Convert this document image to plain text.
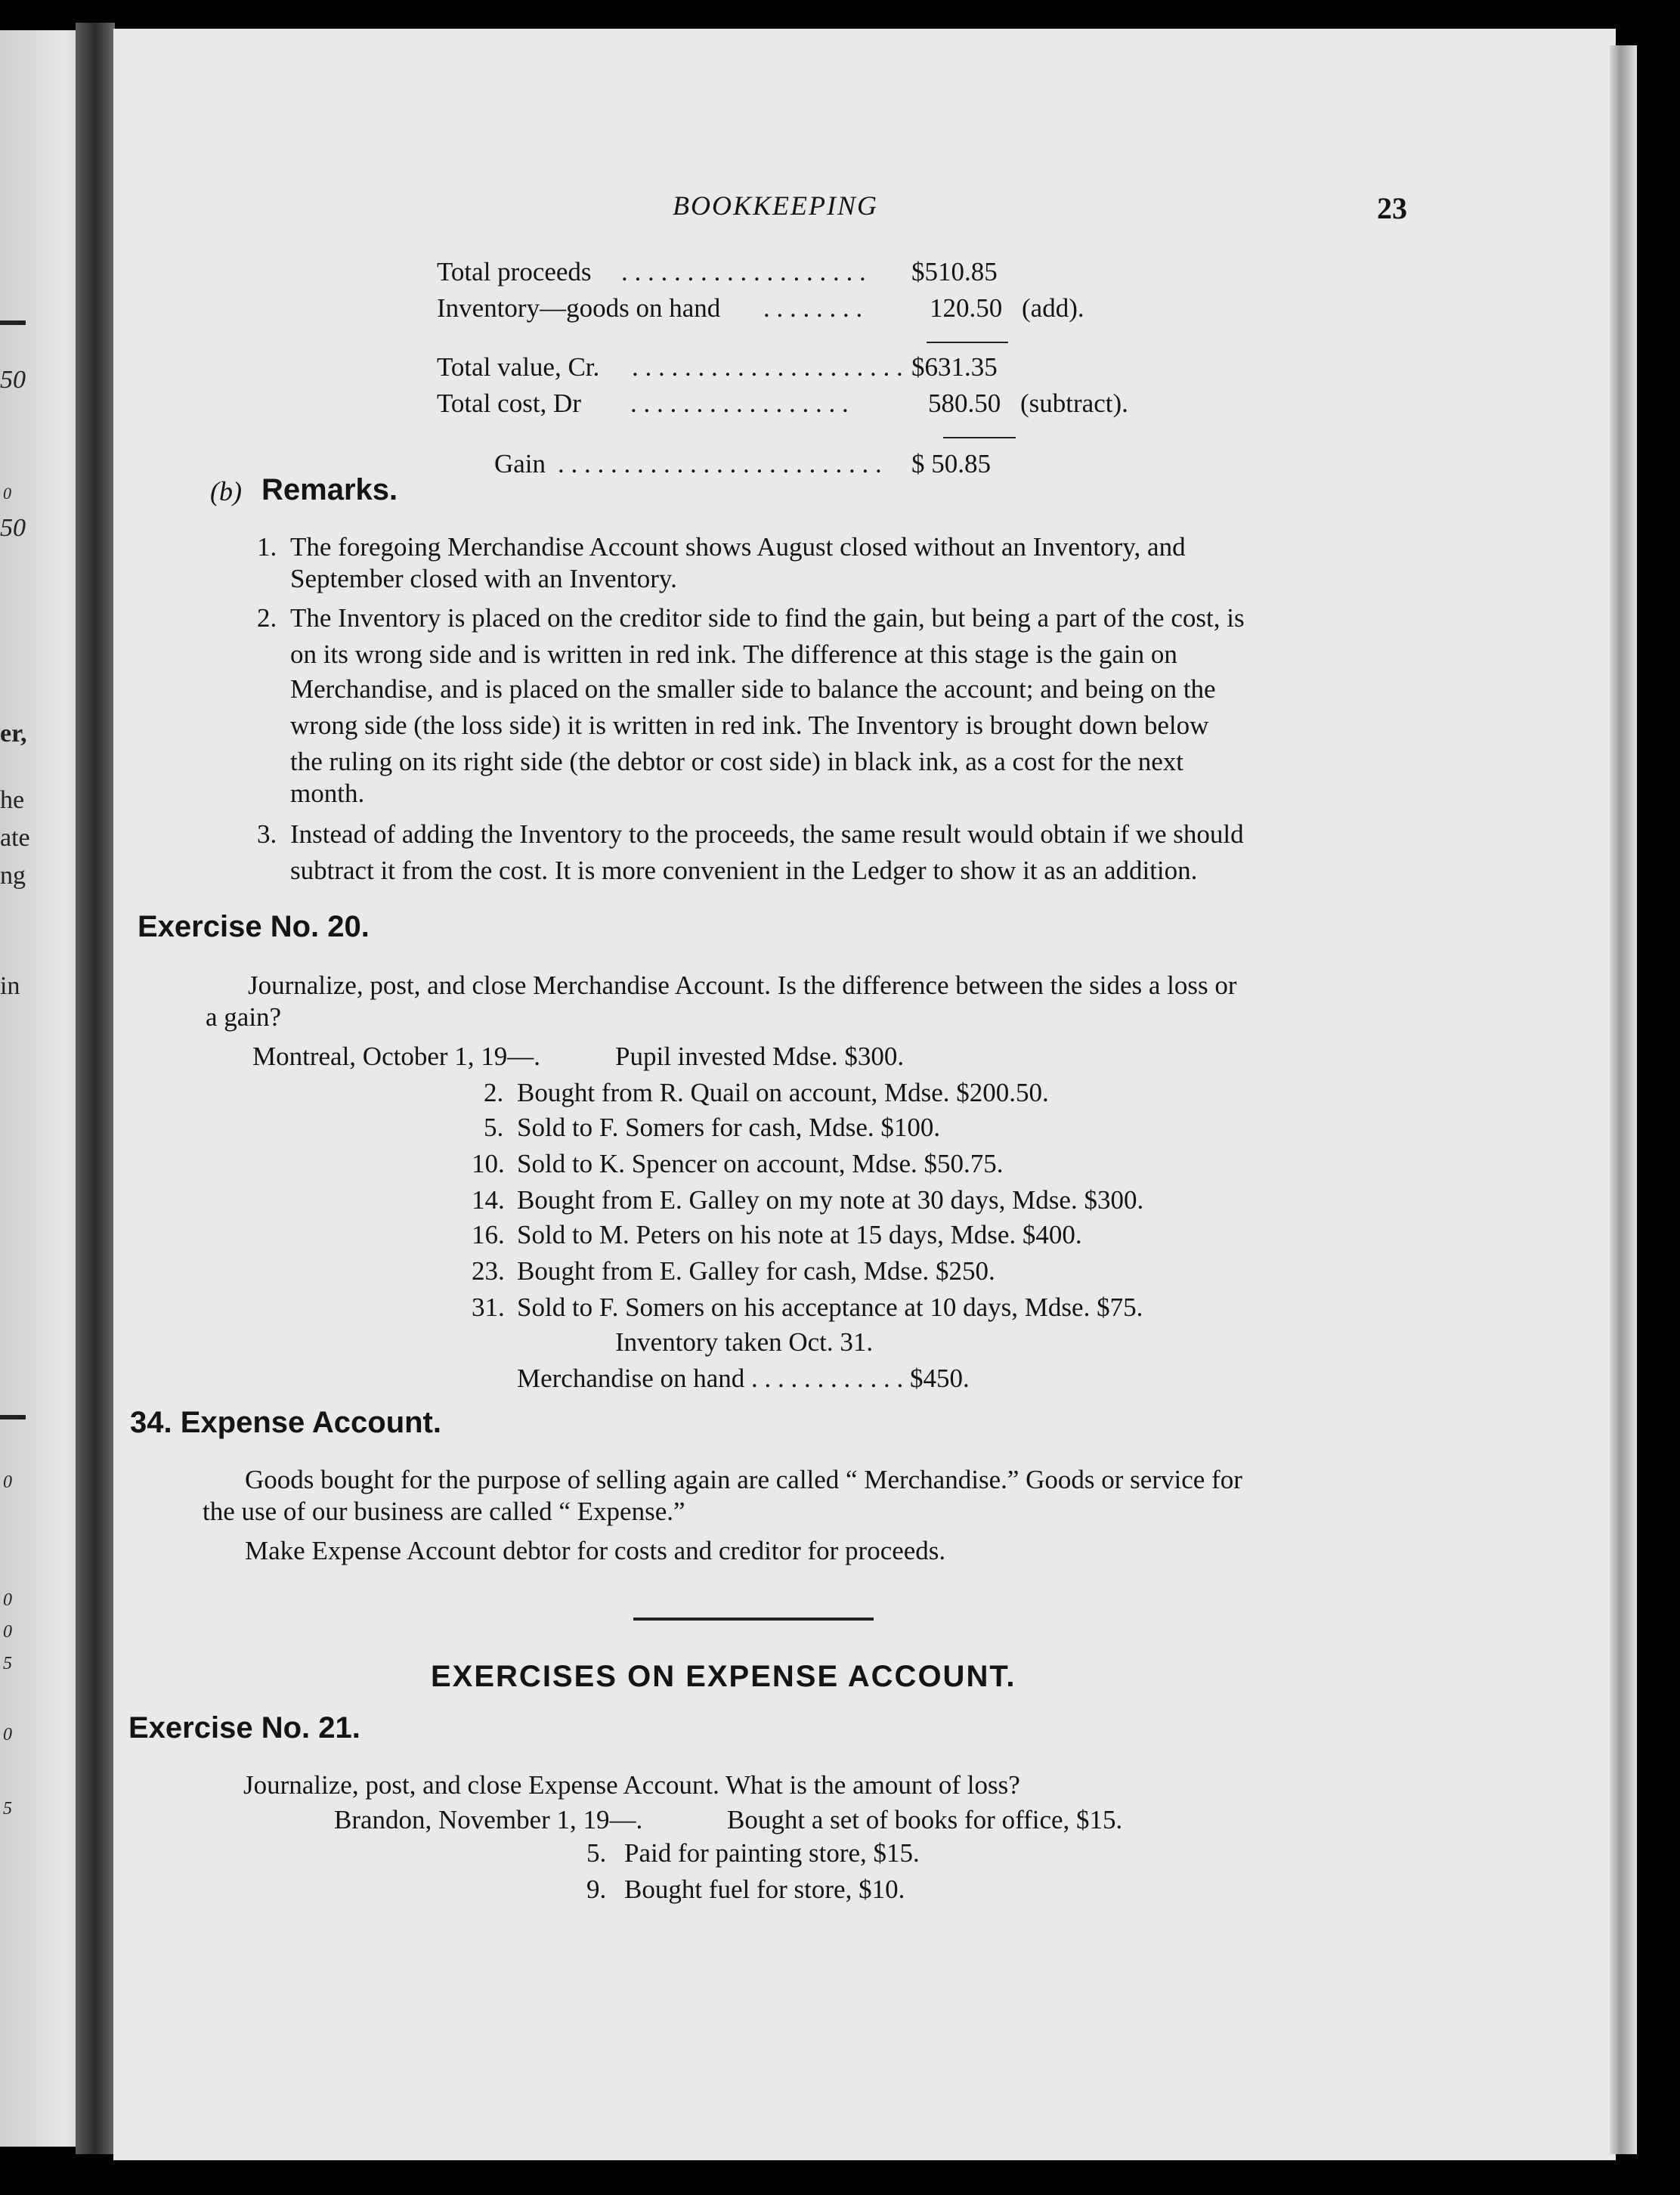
50
0
50
er,
he
ate
ng
in
0
0
0
5
0
5
BOOKKEEPING	23
Total proceeds . . . . . . . . . . . . . . . . . . . $510.85
Inventory—goods on hand . . . . . . . .	120.50 (add).
Total value, Cr. . . . . . . . . . . . . . . . . . . . . . $631.35
Total cost, Dr . . . . . . . . . . . . . . . . .	580.50 (subtract).
Gain . . . . . . . . . . . . . . . . . . . . . . . . . $ 50.85
(b) Remarks.
1. The foregoing Merchandise Account shows August closed without an Inventory, and
September closed with an Inventory.
2. The Inventory is placed on the creditor side to find the gain, but being a part of the cost, is
on its wrong side and is written in red ink. The difference at this stage is the gain on
Merchandise, and is placed on the smaller side to balance the account; and being on the
wrong side (the loss side) it is written in red ink. The Inventory is brought down below
the ruling on its right side (the debtor or cost side) in black ink, as a cost for the next
month.
3. Instead of adding the Inventory to the proceeds, the same result would obtain if we should
subtract it from the cost. It is more convenient in the Ledger to show it as an addition.
Exercise No. 20.
Journalize, post, and close Merchandise Account. Is the difference between the sides a loss or
a gain?
Montreal, October 1, 19—.	Pupil invested Mdse. $300.
2. Bought from R. Quail on account, Mdse. $200.50.
5. Sold to F. Somers for cash, Mdse. $100.
10. Sold to K. Spencer on account, Mdse. $50.75.
14. Bought from E. Galley on my note at 30 days, Mdse. $300.
16. Sold to M. Peters on his note at 15 days, Mdse. $400.
23. Bought from E. Galley for cash, Mdse. $250.
31. Sold to F. Somers on his acceptance at 10 days, Mdse. $75.
Inventory taken Oct. 31.
Merchandise on hand . . . . . . . . . . . . $450.
34. Expense Account.
Goods bought for the purpose of selling again are called “ Merchandise.” Goods or service for
the use of our business are called “ Expense.”
Make Expense Account debtor for costs and creditor for proceeds.
EXERCISES ON EXPENSE ACCOUNT.
Exercise No. 21.
Journalize, post, and close Expense Account. What is the amount of loss?
Brandon, November 1, 19—.	Bought a set of books for office, $15.
5. Paid for painting store, $15.
9. Bought fuel for store, $10.
